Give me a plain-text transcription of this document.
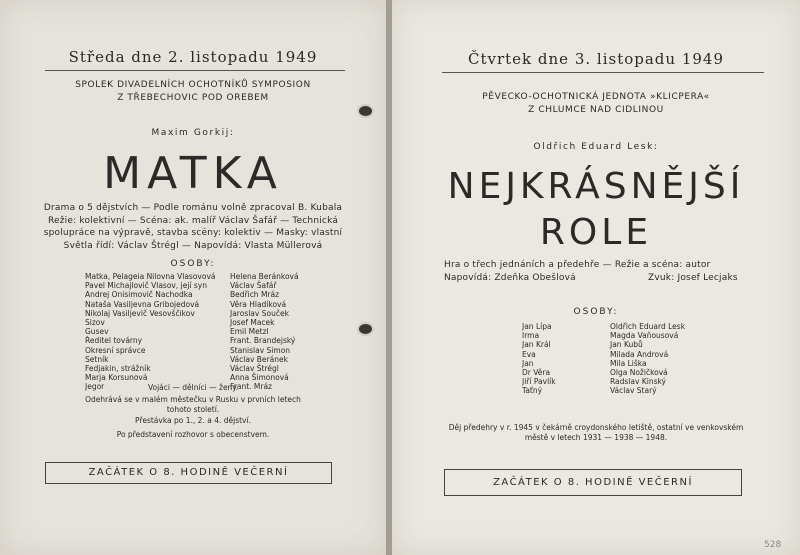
Středa dne 2. listopadu 1949
SPOLEK DIVADELNÍCH OCHOTNÍKŮ SYMPOSION
Z TŘEBECHOVIC POD OREBEM
Maxim Gorkij:
MATKA
Drama o 5 dějstvích — Podle románu volně zpracoval B. Kubala
Režie: kolektivní — Scéna: ak. malíř Václav Šafář — Technická
spolupráce na výpravě, stavba scény: kolektiv — Masky: vlastní
Světla řídí: Václav Štrégl — Napovídá: Vlasta Müllerová
OSOBY:
Matka, Pelageia Nilovna Vlasovová	Helena Beránková
Pavel Michajlovič Vlasov, její syn	Václav Šafář
Andrej Onisimovič Nachodka	Bedřich Mráz
Nataša Vasiljevna Gribojedová	Věra Hladíková
Nikolaj Vasiljevič Vesovščikov	Jaroslav Souček
Sizov	Josef Macek
Gusev	Emil Metzl
Ředitel továrny	Frant. Brandejský
Okresní správce	Stanislav Simon
Setník	Václav Beránek
Fedjakin, strážník	Václav Štrégl
Marja Korsunová	Anna Šimonová
Jegor	Frant. Mráz
Vojáci — dělníci — ženy.
Odehrává se v malém městečku v Rusku v prvních letech
tohoto století.
Přestávka po 1., 2. a 4. dějství.
Po představení rozhovor s obecenstvem.
ZAČÁTEK O 8. HODINĚ VEČERNÍ
Čtvrtek dne 3. listopadu 1949
PĚVECKO-OCHOTNICKÁ JEDNOTA »KLICPERA«
Z CHLUMCE NAD CIDLINOU
Oldřich Eduard Lesk:
NEJKRÁSNĚJŠÍ
ROLE
Hra o třech jednáních a předehře — Režie a scéna: autor
Napovídá: Zdeňka Obešlová	Zvuk: Josef Lecjaks
OSOBY:
Jan Lípa	Oldřich Eduard Lesk
Irma	Magda Vaňousová
Jan Král	Jan Kubů
Eva	Milada Andrová
Jan	Mila Liška
Dr Věra	Olga Nožičková
Jiří Pavlík	Radslav Kinský
Taťný	Václav Starý
Děj předehry v r. 1945 v čekárně croydonského letiště, ostatní ve venkovském
městě v letech 1931 — 1938 — 1948.
ZAČÁTEK O 8. HODINĚ VEČERNÍ
528
